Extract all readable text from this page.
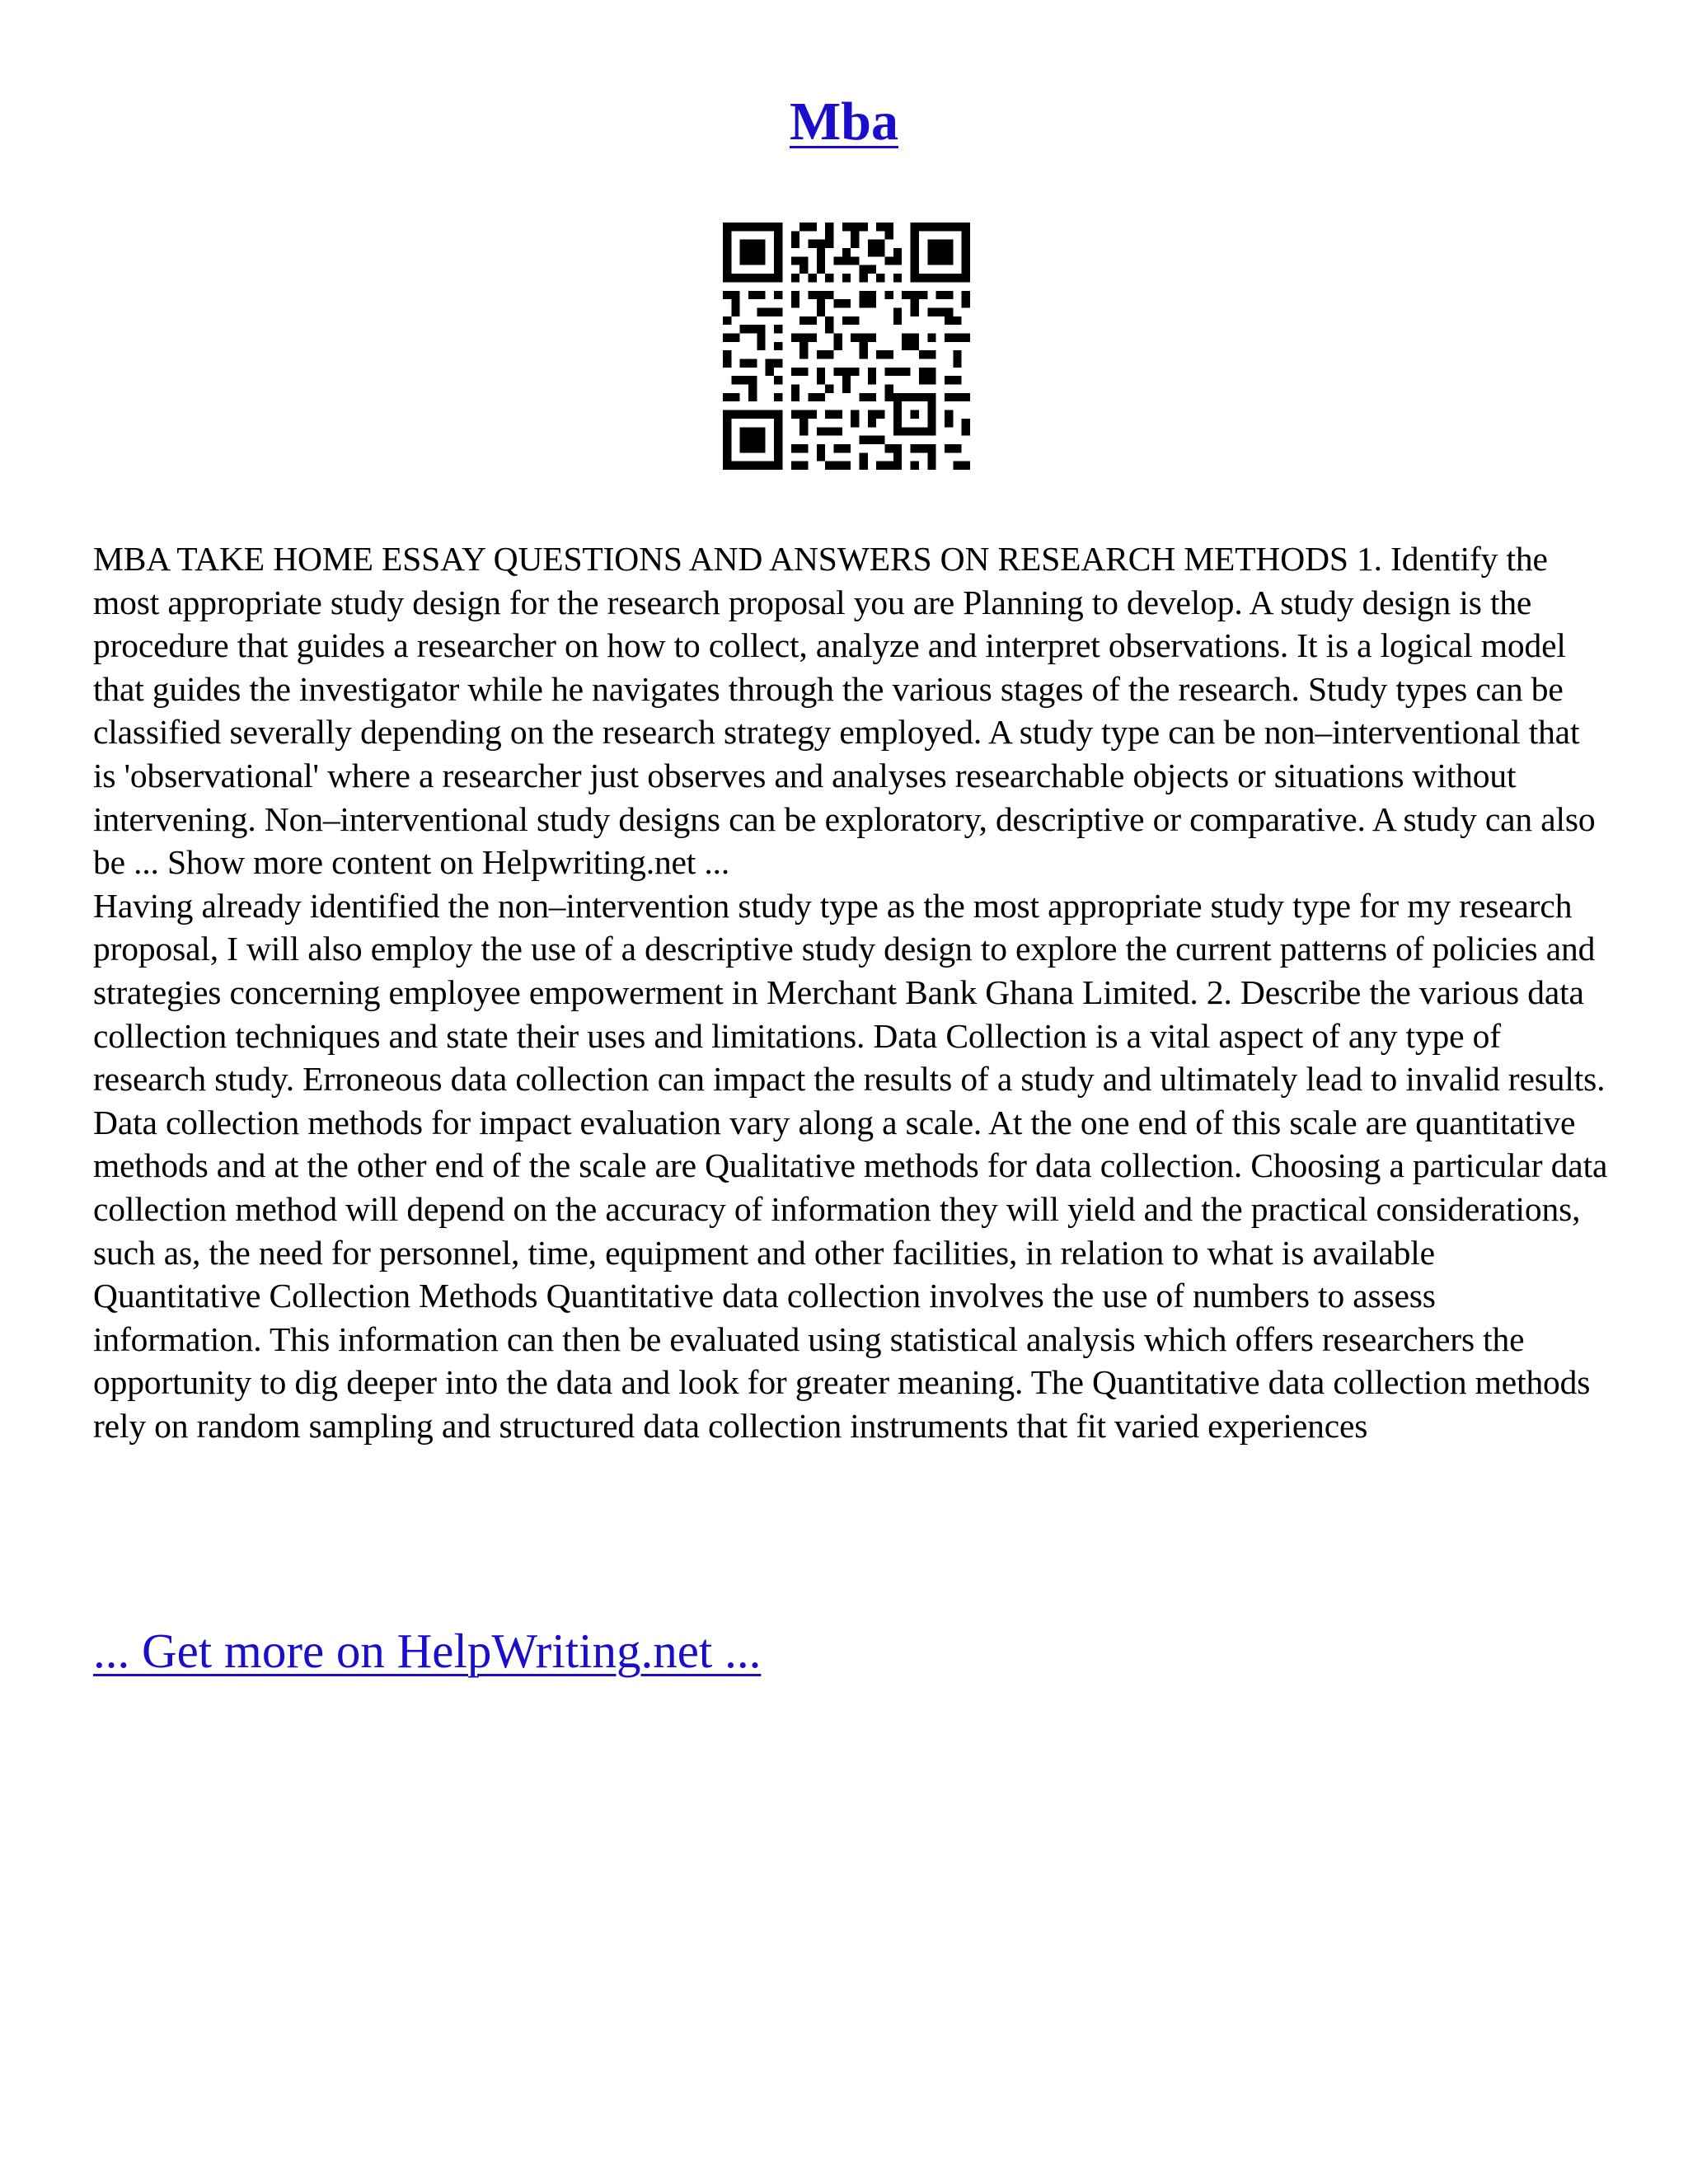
Mba

MBA TAKE HOME ESSAY QUESTIONS AND ANSWERS ON RESEARCH METHODS 1. Identify the most appropriate study design for the research proposal you are Planning to develop. A study design is the procedure that guides a researcher on how to collect, analyze and interpret observations. It is a logical model that guides the investigator while he navigates through the various stages of the research. Study types can be classified severally depending on the research strategy employed. A study type can be non–interventional that is 'observational' where a researcher just observes and analyses researchable objects or situations without intervening. Non–interventional study designs can be exploratory, descriptive or comparative. A study can also be ... Show more content on Helpwriting.net ...

Having already identified the non–intervention study type as the most appropriate study type for my research proposal, I will also employ the use of a descriptive study design to explore the current patterns of policies and strategies concerning employee empowerment in Merchant Bank Ghana Limited. 2. Describe the various data collection techniques and state their uses and limitations. Data Collection is a vital aspect of any type of research study. Erroneous data collection can impact the results of a study and ultimately lead to invalid results. Data collection methods for impact evaluation vary along a scale. At the one end of this scale are quantitative methods and at the other end of the scale are Qualitative methods for data collection. Choosing a particular data collection method will depend on the accuracy of information they will yield and the practical considerations, such as, the need for personnel, time, equipment and other facilities, in relation to what is available Quantitative Collection Methods Quantitative data collection involves the use of numbers to assess information. This information can then be evaluated using statistical analysis which offers researchers the opportunity to dig deeper into the data and look for greater meaning. The Quantitative data collection methods rely on random sampling and structured data collection instruments that fit varied experiences

... Get more on HelpWriting.net ...
